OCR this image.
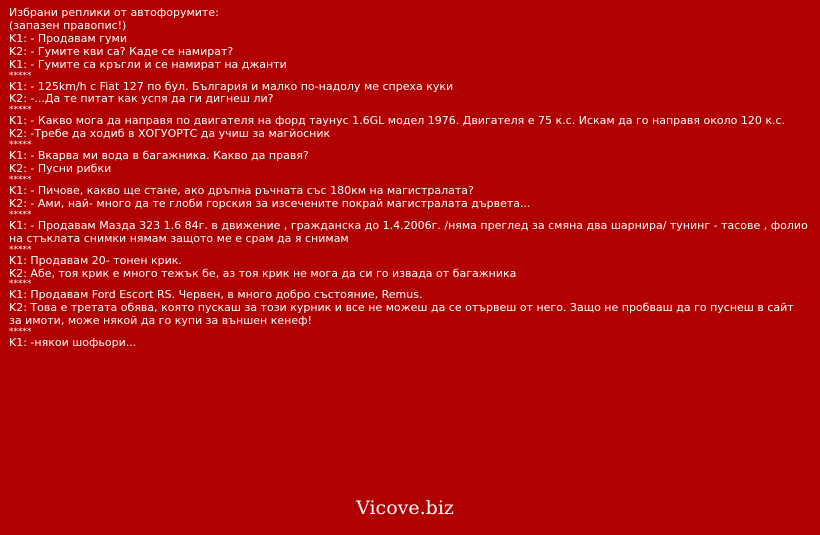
Избрани реплики от автофорумите:
(запазен правопис!)
K1: - Продавам гуми
K2: - Гумите кви са? Каде се намират?
K1: - Гумите са кръгли и се намират на джанти
*****
K1: - 125km/h с Fiat 127 по бул. България и малко по-надолу ме спреха куки
K2: -...Да те питат как успя да ги дигнеш ли?
*****
K1: - Какво мога да направя по двигателя на форд таунус 1.6GL модел 1976. Двигателя е 75 к.с. Искам да го направя около 120 к.с.
K2: -Требе да ходиб в ХОГУОРТС да учиш за магйосник
*****
K1: - Вкарва ми вода в багажника. Какво да правя?
K2: - Пусни рибки
*****
K1: - Пичове, какво ще стане, ако дръпна ръчната със 180км на магистралата?
K2: - Ами, най- много да те глоби горския за изсечените покрай магистралата дървета...
*****
K1: - Продавам Мазда 323 1.6 84г. в движение , гражданска до 1.4.2006г. /няма преглед за смяна два шарнира/ тунинг - тасове , фолио на стъклата снимки нямам защото ме е срам да я снимам
*****
K1: Продавам 20- тонен крик.
K2: Абе, тоя крик е много тежък бе, аз тоя крик не мога да си го извада от багажника
*****
K1: Продавам Ford Escort RS. Червен, в много добро състояние, Remus.
K2: Това е третата обява, която пускаш за този курник и все не можеш да се отървеш от него. Защо не пробваш да го пуснеш в сайт за имоти, може някой да го купи за външен кенеф!
*****
K1: -някои шофьори...
Vicove.biz
